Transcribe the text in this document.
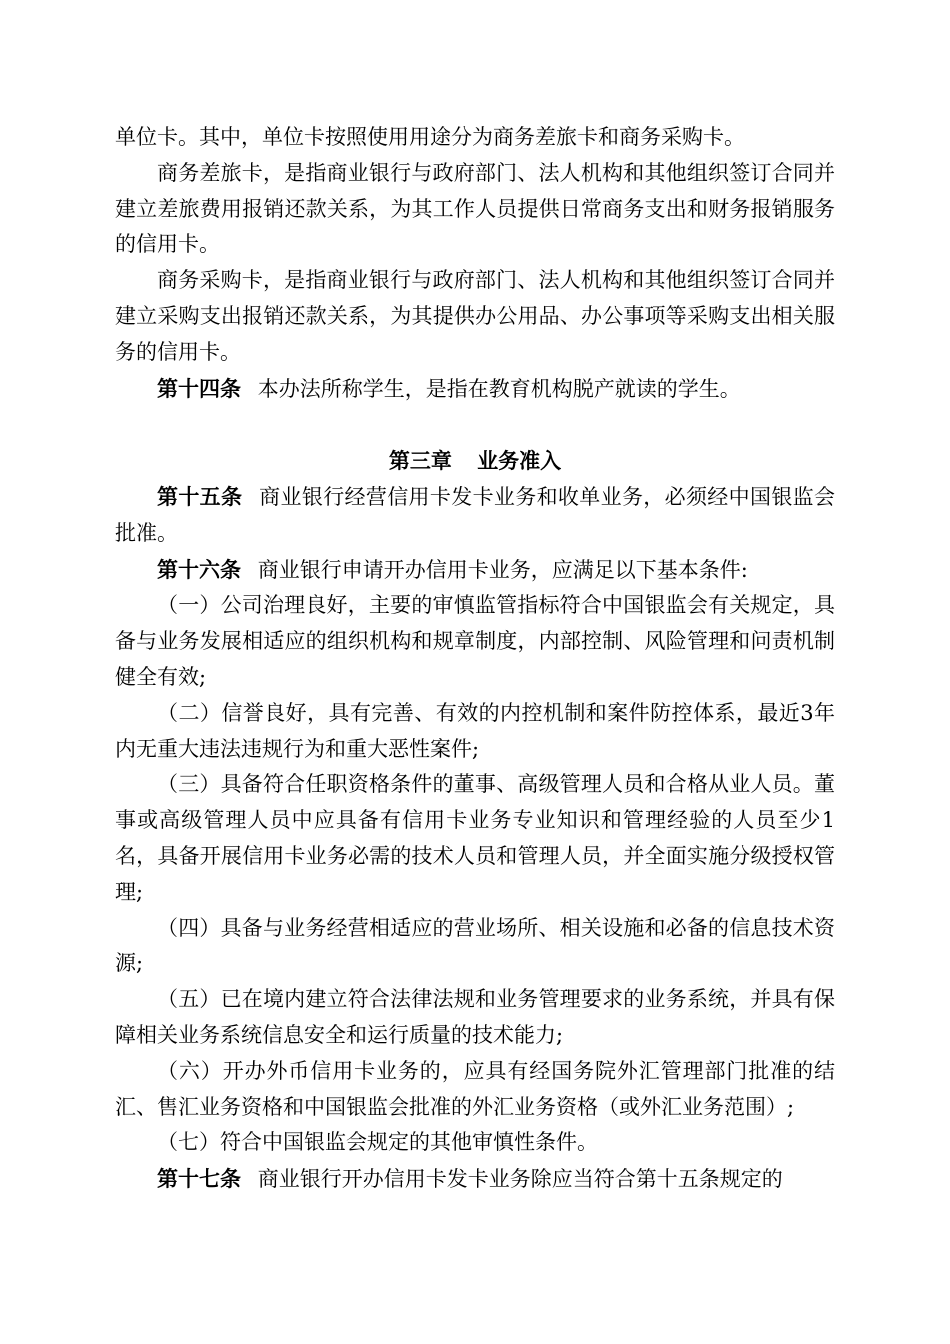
单位卡。其中，单位卡按照使用用途分为商务差旅卡和商务采购卡。

商务差旅卡，是指商业银行与政府部门、法人机构和其他组织签订合同并建立差旅费用报销还款关系，为其工作人员提供日常商务支出和财务报销服务的信用卡。

商务采购卡，是指商业银行与政府部门、法人机构和其他组织签订合同并建立采购支出报销还款关系，为其提供办公用品、办公事项等采购支出相关服务的信用卡。

第十四条 本办法所称学生，是指在教育机构脱产就读的学生。

第三章 业务准入

第十五条 商业银行经营信用卡发卡业务和收单业务，必须经中国银监会批准。

第十六条 商业银行申请开办信用卡业务，应满足以下基本条件:

（一）公司治理良好，主要的审慎监管指标符合中国银监会有关规定，具备与业务发展相适应的组织机构和规章制度，内部控制、风险管理和问责机制健全有效;

（二）信誉良好，具有完善、有效的内控机制和案件防控体系，最近3年内无重大违法违规行为和重大恶性案件;

（三）具备符合任职资格条件的董事、高级管理人员和合格从业人员。董事或高级管理人员中应具备有信用卡业务专业知识和管理经验的人员至少1名，具备开展信用卡业务必需的技术人员和管理人员，并全面实施分级授权管理;

（四）具备与业务经营相适应的营业场所、相关设施和必备的信息技术资源;

（五）已在境内建立符合法律法规和业务管理要求的业务系统，并具有保障相关业务系统信息安全和运行质量的技术能力;

（六）开办外币信用卡业务的，应具有经国务院外汇管理部门批准的结汇、售汇业务资格和中国银监会批准的外汇业务资格（或外汇业务范围）;

（七）符合中国银监会规定的其他审慎性条件。

第十七条 商业银行开办信用卡发卡业务除应当符合第十五条规定的
